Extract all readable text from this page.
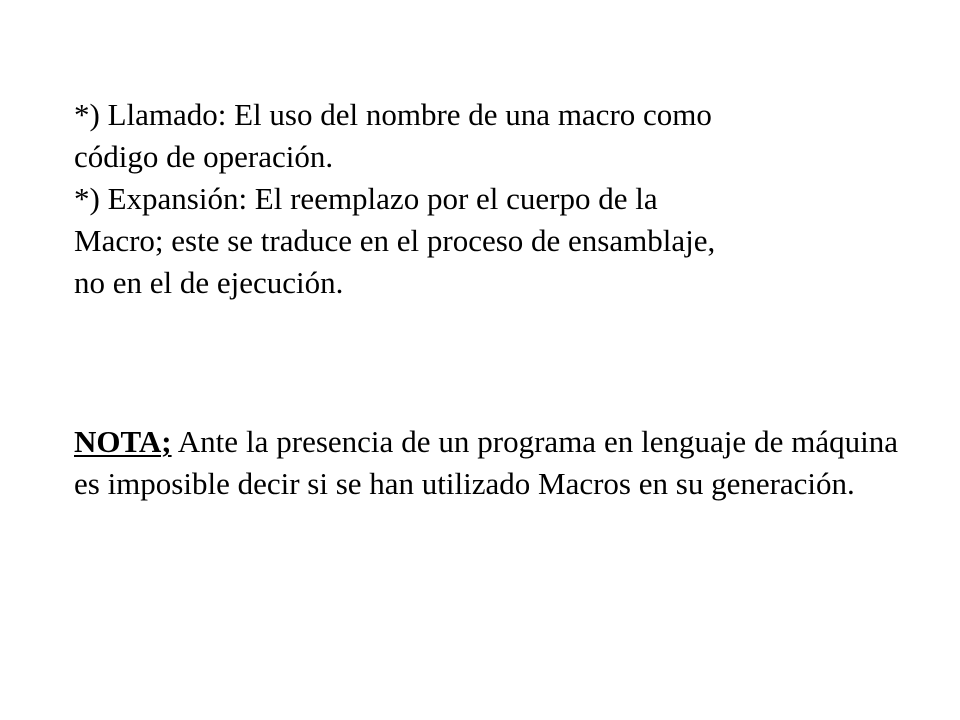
*) Llamado: El uso del nombre de una macro como
código de operación.
*) Expansión: El reemplazo por el cuerpo de la
Macro; este se traduce en el proceso de ensamblaje,
no en el de ejecución.
NOTA; Ante la presencia de un programa en lenguaje de máquina es imposible decir si se han utilizado Macros en su generación.
